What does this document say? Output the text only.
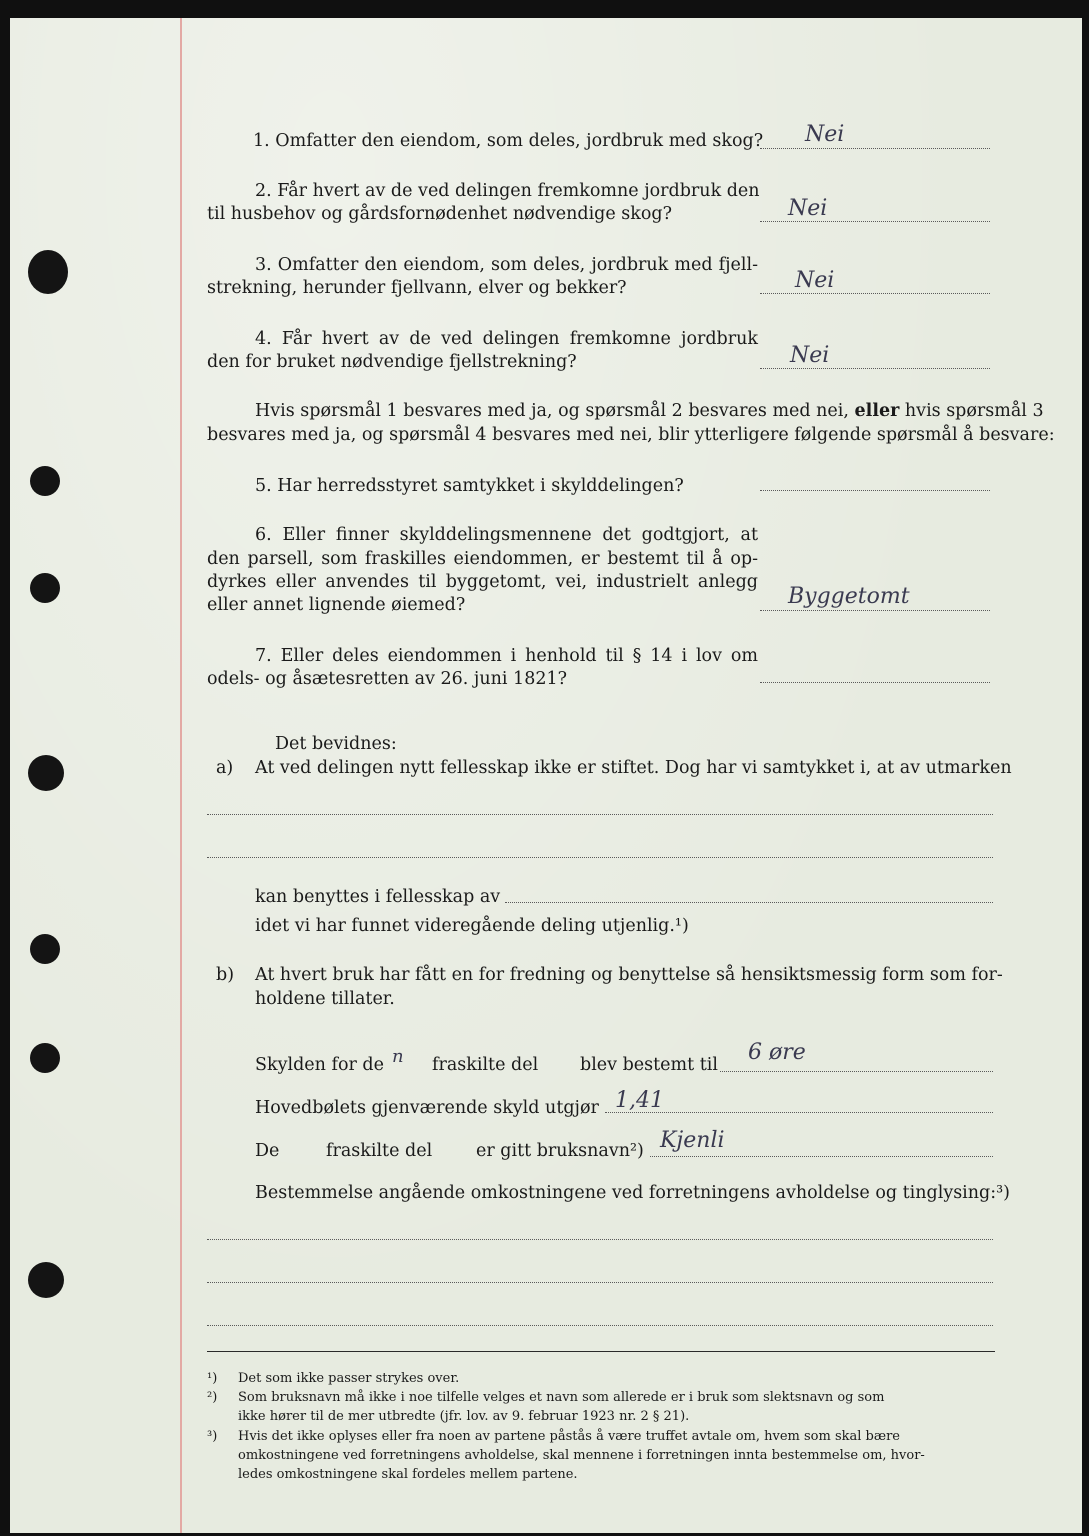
1. Omfatter den eiendom, som deles, jordbruk med skog? Nei
2. Får hvert av de ved delingen fremkomne jordbruk den
til husbehov og gårdsfornødenhet nødvendige skog?	Nei
3. Omfatter den eiendom, som deles, jordbruk med fjell-
strekning, herunder fjellvann, elver og bekker?	Nei
4. Får hvert av de ved delingen fremkomne jordbruk
den for bruket nødvendige fjellstrekning?	Nei
Hvis spørsmål 1 besvares med ja, og spørsmål 2 besvares med nei, eller hvis spørsmål 3
besvares med ja, og spørsmål 4 besvares med nei, blir ytterligere følgende spørsmål å besvare:
5. Har herredsstyret samtykket i skylddelingen?
6. Eller finner skylddelingsmennene det godtgjort, at
den parsell, som fraskilles eiendommen, er bestemt til å op-
dyrkes eller anvendes til byggetomt, vei, industrielt anlegg
eller annet lignende øiemed?	Byggetomt
7. Eller deles eiendommen i henhold til § 14 i lov om
odels- og åsætesretten av 26. juni 1821?
Det bevidnes:
a) At ved delingen nytt fellesskap ikke er stiftet. Dog har vi samtykket i, at av utmarken
kan benyttes i fellesskap av
idet vi har funnet videregående deling utjenlig.¹)
b) At hvert bruk har fått en for fredning og benyttelse så hensiktsmessig form som for-
holdene tillater.
Skylden for de n fraskilte del blev bestemt til 6 øre
Hovedbølets gjenværende skyld utgjør 1,41
De	fraskilte del	er gitt bruksnavn²) Kjenli
Bestemmelse angående omkostningene ved forretningens avholdelse og tinglysing:³)
¹) Det som ikke passer strykes over.
²) Som bruksnavn må ikke i noe tilfelle velges et navn som allerede er i bruk som slektsnavn og som
ikke hører til de mer utbredte (jfr. lov. av 9. februar 1923 nr. 2 § 21).
³) Hvis det ikke oplyses eller fra noen av partene påstås å være truffet avtale om, hvem som skal bære
omkostningene ved forretningens avholdelse, skal mennene i forretningen innta bestemmelse om, hvor-
ledes omkostningene skal fordeles mellem partene.
